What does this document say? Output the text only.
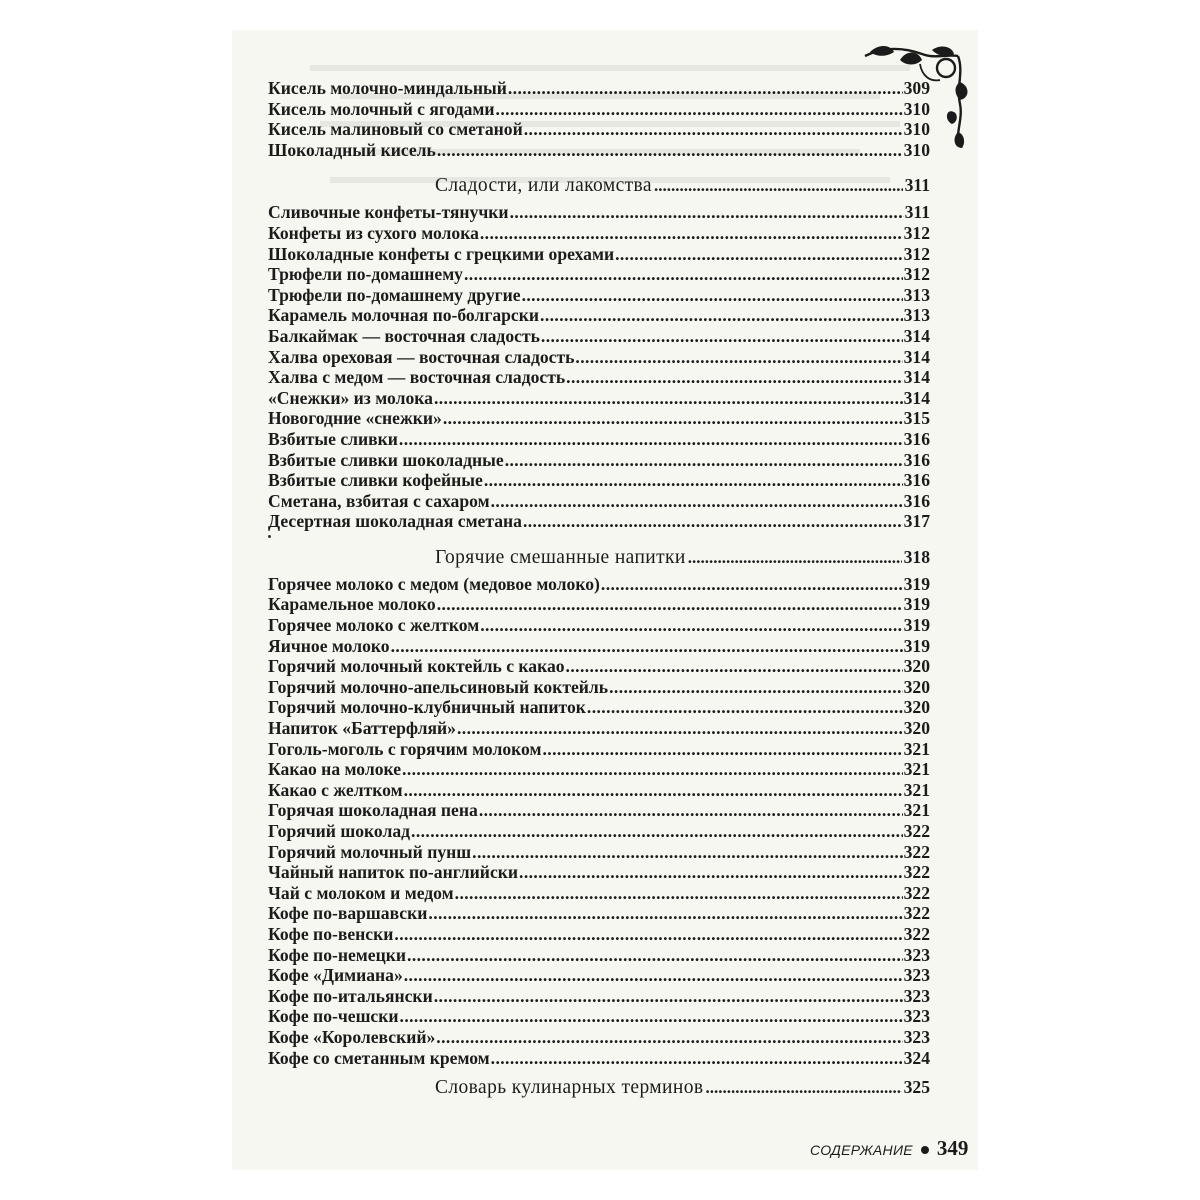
Кисель молочно-миндальный .....	309
Кисель молочный с ягодами .....	310
Кисель малиновый со сметаной .....	310
Шоколадный кисель .....	310
Сладости, или лакомства .....	311
Сливочные конфеты-тянучки .....	311
Конфеты из сухого молока .....	312
Шоколадные конфеты с грецкими орехами .....	312
Трюфели по-домашнему .....	312
Трюфели по-домашнему другие .....	313
Карамель молочная по-болгарски .....	313
Балкаймак — восточная сладость .....	314
Халва ореховая — восточная сладость .....	314
Халва с медом — восточная сладость .....	314
«Снежки» из молока .....	314
Новогодние «снежки» .....	315
Взбитые сливки .....	316
Взбитые сливки шоколадные .....	316
Взбитые сливки кофейные .....	316
Сметана, взбитая с сахаром .....	316
Десертная шоколадная сметана .....	317
Горячие смешанные напитки .....	318
Горячее молоко с медом (медовое молоко) .....	319
Карамельное молоко .....	319
Горячее молоко с желтком .....	319
Яичное молоко .....	319
Горячий молочный коктейль с какао .....	320
Горячий молочно-апельсиновый коктейль .....	320
Горячий молочно-клубничный напиток .....	320
Напиток «Баттерфляй» .....	320
Гоголь-моголь с горячим молоком .....	321
Какао на молоке .....	321
Какао с желтком .....	321
Горячая шоколадная пена .....	321
Горячий шоколад .....	322
Горячий молочный пунш .....	322
Чайный напиток по-английски .....	322
Чай с молоком и медом .....	322
Кофе по-варшавски .....	322
Кофе по-венски .....	322
Кофе по-немецки .....	323
Кофе «Димиана» .....	323
Кофе по-итальянски .....	323
Кофе по-чешски .....	323
Кофе «Королевский» .....	323
Кофе со сметанным кремом .....	324
Словарь кулинарных терминов .....	325
СОДЕРЖАНИЕ 349
